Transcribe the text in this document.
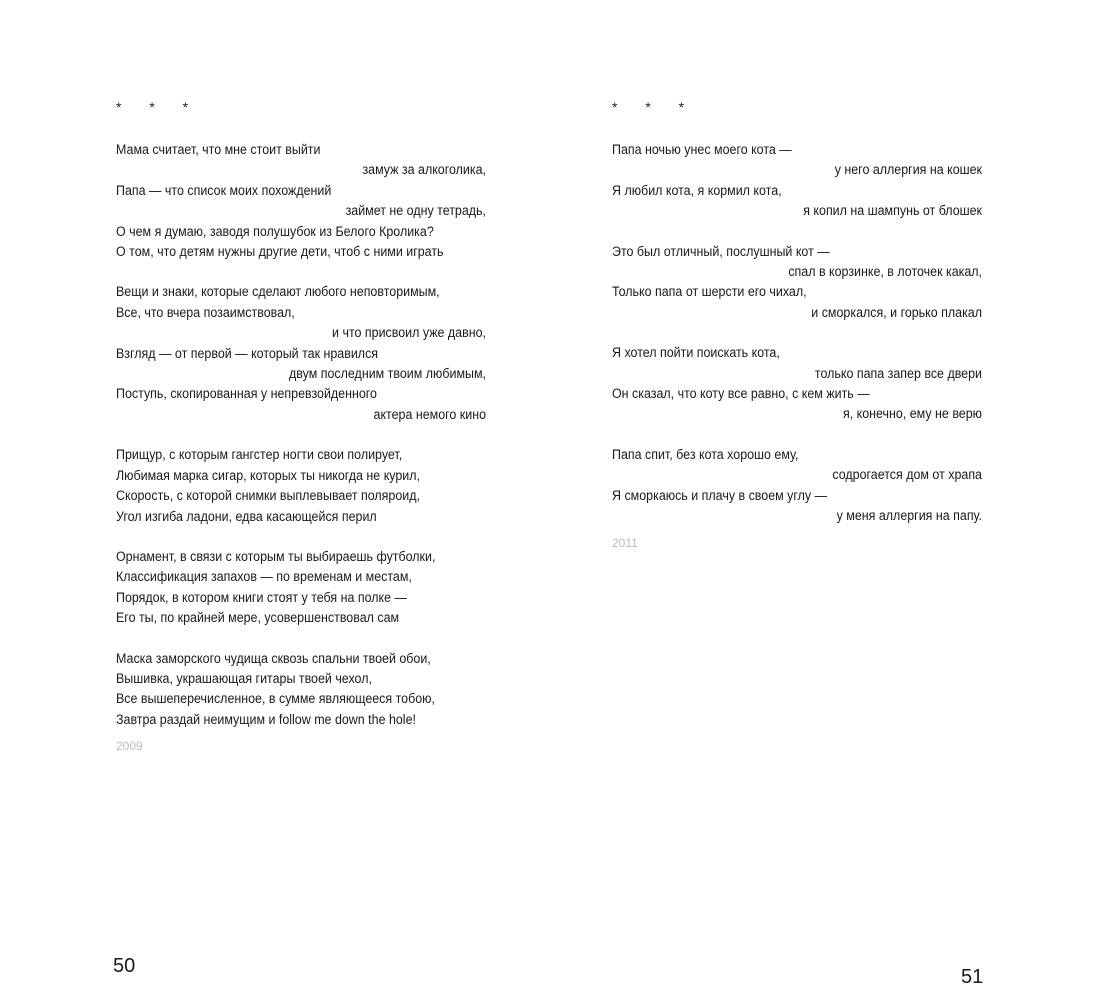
* * *
Мама считает, что мне стоит выйти
замуж за алкоголика,
Папа — что список моих похождений
займет не одну тетрадь,
О чем я думаю, заводя полушубок из Белого Кролика?
О том, что детям нужны другие дети, чтоб с ними играть
Вещи и знаки, которые сделают любого неповторимым,
Все, что вчера позаимствовал,
и что присвоил уже давно,
Взгляд — от первой — который так нравился
двум последним твоим любимым,
Поступь, скопированная у непревзойденного
актера немого кино
Прищур, с которым гангстер ногти свои полирует,
Любимая марка сигар, которых ты никогда не курил,
Скорость, с которой снимки выплевывает поляроид,
Угол изгиба ладони, едва касающейся перил
Орнамент, в связи с которым ты выбираешь футболки,
Классификация запахов — по временам и местам,
Порядок, в котором книги стоят у тебя на полке —
Его ты, по крайней мере, усовершенствовал сам
Маска заморского чудища сквозь спальни твоей обои,
Вышивка, украшающая гитары твоей чехол,
Все вышеперечисленное, в сумме являющееся тобою,
Завтра раздай неимущим и follow me down the hole!
2009
50
* * *
Папа ночью унес моего кота —
у него аллергия на кошек
Я любил кота, я кормил кота,
я копил на шампунь от блошек
Это был отличный, послушный кот —
спал в корзинке, в лоточек какал,
Только папа от шерсти его чихал,
и сморкался, и горько плакал
Я хотел пойти поискать кота,
только папа запер все двери
Он сказал, что коту все равно, с кем жить —
я, конечно, ему не верю
Папа спит, без кота хорошо ему,
содрогается дом от храпа
Я сморкаюсь и плачу в своем углу —
у меня аллергия на папу.
2011
51
